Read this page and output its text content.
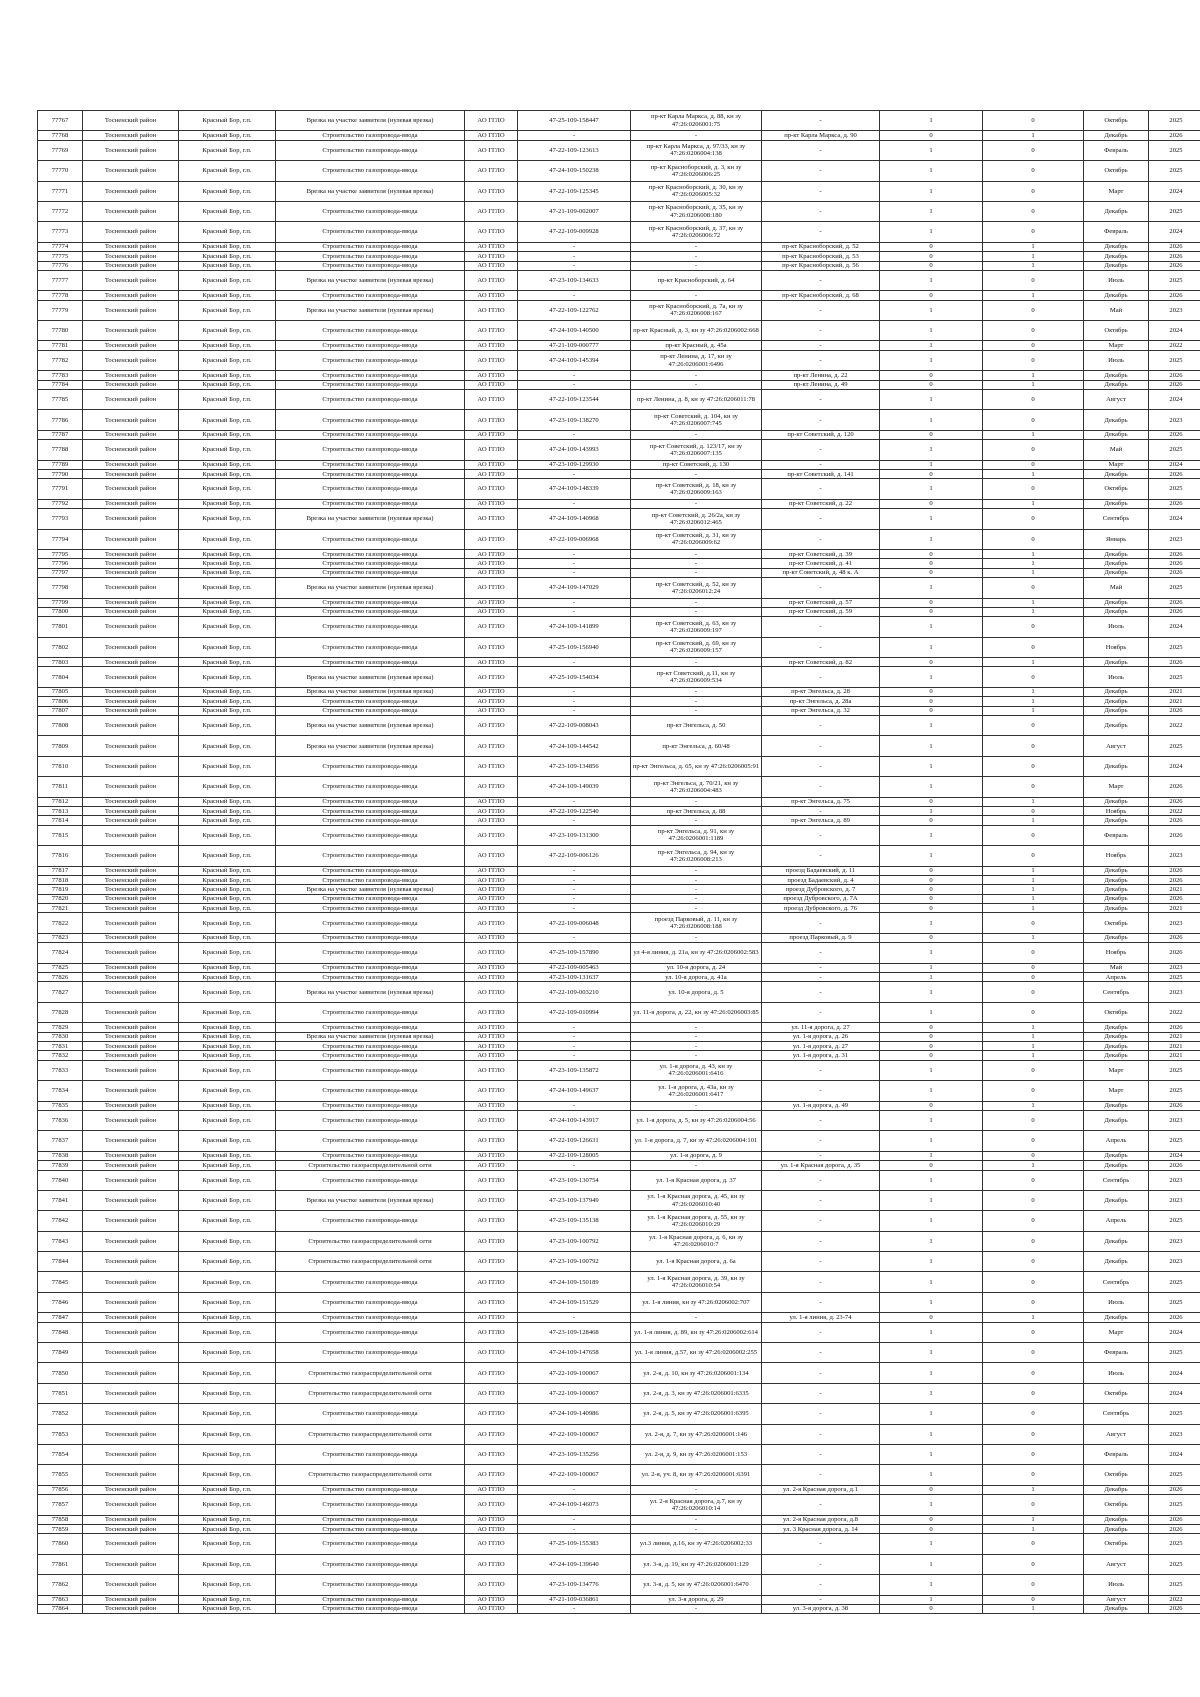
77767	Тосненский район	Красный Бор, г.п.	Врезка на участке заявителя (нулевая врезка)	АО ГГЛО	47-25-109-158447	пр-кт Карла Маркса, д. 88, кн зу 47:26:0206001:75	-	1	0	Октябрь	2025
77768	Тосненский район	Красный Бор, г.п.	Строительство газопровода-ввода	АО ГГЛО	-	-	пр-кт Карла Маркса, д. 90	0	1	Декабрь	2026
77769	Тосненский район	Красный Бор, г.п.	Строительство газопровода-ввода	АО ГГЛО	47-22-109-123613	пр-кт Карла Маркса, д. 97/33, кн зу 47:26:0206004:138	-	1	0	Февраль	2025
77770	Тосненский район	Красный Бор, г.п.	Строительство газопровода-ввода	АО ГГЛО	47-24-109-150238	пр-кт Красноборский, д. 3, кн зу 47:26:0206006:25	-	1	0	Октябрь	2025
77771	Тосненский район	Красный Бор, г.п.	Врезка на участке заявителя (нулевая врезка)	АО ГГЛО	47-22-109-125345	пр-кт Красноборский, д. 30, кн зу 47:26:0206005:32	-	1	0	Март	2024
77772	Тосненский район	Красный Бор, г.п.	Строительство газопровода-ввода	АО ГГЛО	47-21-109-002007	пр-кт Красноборский, д. 35, кн зу 47:26:0206008:180	-	1	0	Декабрь	2025
77773	Тосненский район	Красный Бор, г.п.	Строительство газопровода-ввода	АО ГГЛО	47-22-109-009928	пр-кт Красноборский, д. 37, кн зу 47:26:0206006:72	-	1	0	Февраль	2024
77774	Тосненский район	Красный Бор, г.п.	Строительство газопровода-ввода	АО ГГЛО	-	-	пр-кт Красноборский, д. 52	0	1	Декабрь	2026
77775	Тосненский район	Красный Бор, г.п.	Строительство газопровода-ввода	АО ГГЛО	-	-	пр-кт Красноборский, д. 53	0	1	Декабрь	2026
77776	Тосненский район	Красный Бор, г.п.	Строительство газопровода-ввода	АО ГГЛО	-	-	пр-кт Красноборский, д. 56	0	1	Декабрь	2026
77777	Тосненский район	Красный Бор, г.п.	Врезка на участке заявителя (нулевая врезка)	АО ГГЛО	47-23-109-134633	пр-кт Красноборский, д. 64	-	1	0	Июль	2025
77778	Тосненский район	Красный Бор, г.п.	Строительство газопровода-ввода	АО ГГЛО	-	-	пр-кт Красноборский, д. 68	0	1	Декабрь	2026
77779	Тосненский район	Красный Бор, г.п.	Врезка на участке заявителя (нулевая врезка)	АО ГГЛО	47-22-109-122762	пр-кт Красноборский, д. 7а, кн зу 47:26:0206008:167	-	1	0	Май	2023
77780	Тосненский район	Красный Бор, г.п.	Строительство газопровода-ввода	АО ГГЛО	47-24-109-140500	пр-кт Красный, д. 3, кн зу 47:26:0206002:668	-	1	0	Октябрь	2024
77781	Тосненский район	Красный Бор, г.п.	Строительство газопровода-ввода	АО ГГЛО	47-21-109-000777	пр-кт Красный, д. 45а	-	1	0	Март	2022
77782	Тосненский район	Красный Бор, г.п.	Строительство газопровода-ввода	АО ГГЛО	47-24-109-145394	пр-кт Ленина, д. 17, кн зу 47:26:0206001:6496	-	1	0	Июль	2025
77783	Тосненский район	Красный Бор, г.п.	Строительство газопровода-ввода	АО ГГЛО	-	-	пр-кт Ленина, д. 22	0	1	Декабрь	2026
77784	Тосненский район	Красный Бор, г.п.	Строительство газопровода-ввода	АО ГГЛО	-	-	пр-кт Ленина, д. 49	0	1	Декабрь	2026
77785	Тосненский район	Красный Бор, г.п.	Строительство газопровода-ввода	АО ГГЛО	47-22-109-123544	пр-кт Ленина, д. 8, кн зу 47:26:0206011:78	-	1	0	Август	2024
77786	Тосненский район	Красный Бор, г.п.	Строительство газопровода-ввода	АО ГГЛО	47-23-109-138270	пр-кт Советский, д. 104, кн зу 47:26:0206007:745	-	1	0	Декабрь	2023
77787	Тосненский район	Красный Бор, г.п.	Строительство газопровода-ввода	АО ГГЛО	-	-	пр-кт Советский, д. 120	0	1	Декабрь	2026
77788	Тосненский район	Красный Бор, г.п.	Строительство газопровода-ввода	АО ГГЛО	47-24-109-143993	пр-кт Советский, д. 123/17, кн зу 47:26:0206007:135	-	1	0	Май	2025
77789	Тосненский район	Красный Бор, г.п.	Строительство газопровода-ввода	АО ГГЛО	47-23-109-129930	пр-кт Советский, д. 130	-	1	0	Март	2024
77790	Тосненский район	Красный Бор, г.п.	Строительство газопровода-ввода	АО ГГЛО	-	-	пр-кт Советский, д. 141	0	1	Декабрь	2026
77791	Тосненский район	Красный Бор, г.п.	Строительство газопровода-ввода	АО ГГЛО	47-24-109-148339	пр-кт Советский, д. 18, кн зу 47:26:0206009:163	-	1	0	Октябрь	2025
77792	Тосненский район	Красный Бор, г.п.	Строительство газопровода-ввода	АО ГГЛО	-	-	пр-кт Советский, д. 22	0	1	Декабрь	2026
77793	Тосненский район	Красный Бор, г.п.	Врезка на участке заявителя (нулевая врезка)	АО ГГЛО	47-24-109-140968	пр-кт Советский, д. 26/2а, кн зу 47:26:0206012:465	-	1	0	Сентябрь	2024
77794	Тосненский район	Красный Бор, г.п.	Строительство газопровода-ввода	АО ГГЛО	47-22-109-006968	пр-кт Советский, д. 31, кн зу 47:26:0206009:62	-	1	0	Январь	2023
77795	Тосненский район	Красный Бор, г.п.	Строительство газопровода-ввода	АО ГГЛО	-	-	пр-кт Советский, д. 39	0	1	Декабрь	2026
77796	Тосненский район	Красный Бор, г.п.	Строительство газопровода-ввода	АО ГГЛО	-	-	пр-кт Советский, д. 41	0	1	Декабрь	2026
77797	Тосненский район	Красный Бор, г.п.	Строительство газопровода-ввода	АО ГГЛО	-	-	пр-кт Советский, д. 48 к. А	0	1	Декабрь	2026
77798	Тосненский район	Красный Бор, г.п.	Врезка на участке заявителя (нулевая врезка)	АО ГГЛО	47-24-109-147029	пр-кт Советский, д. 52, кн зу 47:26:0206012:24	-	1	0	Май	2025
77799	Тосненский район	Красный Бор, г.п.	Строительство газопровода-ввода	АО ГГЛО	-	-	пр-кт Советский, д. 57	0	1	Декабрь	2026
77800	Тосненский район	Красный Бор, г.п.	Строительство газопровода-ввода	АО ГГЛО	-	-	пр-кт Советский, д. 59	0	1	Декабрь	2026
77801	Тосненский район	Красный Бор, г.п.	Строительство газопровода-ввода	АО ГГЛО	47-24-109-141899	пр-кт Советский, д. 63, кн зу 47:26:0206009:197	-	1	0	Июль	2024
77802	Тосненский район	Красный Бор, г.п.	Строительство газопровода-ввода	АО ГГЛО	47-25-109-156940	пр-кт Советский, д. 69, кн зу 47:26:0206009:157	-	1	0	Ноябрь	2025
77803	Тосненский район	Красный Бор, г.п.	Строительство газопровода-ввода	АО ГГЛО	-	-	пр-кт Советский, д. 82	0	1	Декабрь	2026
77804	Тосненский район	Красный Бор, г.п.	Врезка на участке заявителя (нулевая врезка)	АО ГГЛО	47-25-109-154034	пр-кт Советский, д.11, кн зу 47:26:0206009:534	-	1	0	Июль	2025
77805	Тосненский район	Красный Бор, г.п.	Врезка на участке заявителя (нулевая врезка)	АО ГГЛО	-	-	пр-кт Энгельса, д. 28	0	1	Декабрь	2021
77806	Тосненский район	Красный Бор, г.п.	Строительство газопровода-ввода	АО ГГЛО	-	-	пр-кт Энгельса, д. 28а	0	1	Декабрь	2021
77807	Тосненский район	Красный Бор, г.п.	Строительство газопровода-ввода	АО ГГЛО	-	-	пр-кт Энгельса, д. 32	0	1	Декабрь	2026
77808	Тосненский район	Красный Бор, г.п.	Врезка на участке заявителя (нулевая врезка)	АО ГГЛО	47-22-109-008043	пр-кт Энгельса, д. 50	-	1	0	Декабрь	2022
77809	Тосненский район	Красный Бор, г.п.	Врезка на участке заявителя (нулевая врезка)	АО ГГЛО	47-24-109-144542	пр-кт Энгельса, д. 60/48	-	1	0	Август	2025
77810	Тосненский район	Красный Бор, г.п.	Строительство газопровода-ввода	АО ГГЛО	47-23-109-134856	пр-кт Энгельса, д. 65, кн зу 47:26:0206005:91	-	1	0	Декабрь	2024
77811	Тосненский район	Красный Бор, г.п.	Строительство газопровода-ввода	АО ГГЛО	47-24-109-149039	пр-кт Энгельса, д. 70/21, кн зу 47:26:0206004:483	-	1	0	Март	2026
77812	Тосненский район	Красный Бор, г.п.	Строительство газопровода-ввода	АО ГГЛО	-	-	пр-кт Энгельса, д. 75	0	1	Декабрь	2026
77813	Тосненский район	Красный Бор, г.п.	Строительство газопровода-ввода	АО ГГЛО	47-22-109-122540	пр-кт Энгельса, д. 88	-	1	0	Ноябрь	2022
77814	Тосненский район	Красный Бор, г.п.	Строительство газопровода-ввода	АО ГГЛО	-	-	пр-кт Энгельса, д. 89	0	1	Декабрь	2026
77815	Тосненский район	Красный Бор, г.п.	Строительство газопровода-ввода	АО ГГЛО	47-23-109-131300	пр-кт Энгельса, д. 91, кн зу 47:26:0206001:1189	-	1	0	Февраль	2026
77816	Тосненский район	Красный Бор, г.п.	Строительство газопровода-ввода	АО ГГЛО	47-22-109-006126	пр-кт Энгельса, д. 94, кн зу 47:26:0206008:213	-	1	0	Ноябрь	2023
77817	Тосненский район	Красный Бор, г.п.	Строительство газопровода-ввода	АО ГГЛО	-	-	проезд Бадаевский, д. 11	0	1	Декабрь	2026
77818	Тосненский район	Красный Бор, г.п.	Строительство газопровода-ввода	АО ГГЛО	-	-	проезд Бадаевский, д. 4	0	1	Декабрь	2026
77819	Тосненский район	Красный Бор, г.п.	Врезка на участке заявителя (нулевая врезка)	АО ГГЛО	-	-	проезд Дубровского, д. 7	0	1	Декабрь	2021
77820	Тосненский район	Красный Бор, г.п.	Строительство газопровода-ввода	АО ГГЛО	-	-	проезд Дубровского, д. 7А	0	1	Декабрь	2026
77821	Тосненский район	Красный Бор, г.п.	Строительство газопровода-ввода	АО ГГЛО	-	-	проезд Дубровского, д. 76	0	1	Декабрь	2021
77822	Тосненский район	Красный Бор, г.п.	Строительство газопровода-ввода	АО ГГЛО	47-22-109-006048	проезд Парковый, д. 11, кн зу 47:26:0206008:188	-	1	0	Октябрь	2023
77823	Тосненский район	Красный Бор, г.п.	Строительство газопровода-ввода	АО ГГЛО	-	-	проезд Парковый, д. 9	0	1	Декабрь	2026
77824	Тосненский район	Красный Бор, г.п.	Строительство газопровода-ввода	АО ГГЛО	47-25-109-157890	ул 4-я линия, д. 21а, кн зу 47:26:0206002:583	-	1	0	Ноябрь	2026
77825	Тосненский район	Красный Бор, г.п.	Строительство газопровода-ввода	АО ГГЛО	47-22-109-005463	ул. 10-я дорога, д. 24	-	1	0	Май	2023
77826	Тосненский район	Красный Бор, г.п.	Строительство газопровода-ввода	АО ГГЛО	47-23-109-131637	ул. 10-я дорога, д. 41а	-	1	0	Апрель	2025
77827	Тосненский район	Красный Бор, г.п.	Врезка на участке заявителя (нулевая врезка)	АО ГГЛО	47-22-109-003210	ул. 10-я дорога, д. 5	-	1	0	Сентябрь	2023
77828	Тосненский район	Красный Бор, г.п.	Строительство газопровода-ввода	АО ГГЛО	47-22-109-010994	ул. 11-я дорога, д. 22, кн зу 47:26:0206003:85	-	1	0	Октябрь	2022
77829	Тосненский район	Красный Бор, г.п.	Строительство газопровода-ввода	АО ГГЛО	-	-	ул. 11-я дорога, д. 27	0	1	Декабрь	2026
77830	Тосненский район	Красный Бор, г.п.	Врезка на участке заявителя (нулевая врезка)	АО ГГЛО	-	-	ул. 1-я дорога, д. 26	0	1	Декабрь	2021
77831	Тосненский район	Красный Бор, г.п.	Строительство газопровода-ввода	АО ГГЛО	-	-	ул. 1-я дорога, д. 27	0	1	Декабрь	2021
77832	Тосненский район	Красный Бор, г.п.	Строительство газопровода-ввода	АО ГГЛО	-	-	ул. 1-я дорога, д. 31	0	1	Декабрь	2021
77833	Тосненский район	Красный Бор, г.п.	Строительство газопровода-ввода	АО ГГЛО	47-23-109-135872	ул. 1-я дорога, д. 43, кн зу 47:26:0206001:6416	-	1	0	Март	2025
77834	Тосненский район	Красный Бор, г.п.	Строительство газопровода-ввода	АО ГГЛО	47-24-109-149637	ул. 1-я дорога, д. 43а, кн зу 47:26:0206001:6417	-	1	0	Март	2025
77835	Тосненский район	Красный Бор, г.п.	Строительство газопровода-ввода	АО ГГЛО	-	-	ул. 1-я дорога, д. 49	0	1	Декабрь	2026
77836	Тосненский район	Красный Бор, г.п.	Строительство газопровода-ввода	АО ГГЛО	47-24-109-143917	ул. 1-я дорога, д. 5, кн зу 47:26:0206004:56	-	1	0	Декабрь	2023
77837	Тосненский район	Красный Бор, г.п.	Строительство газопровода-ввода	АО ГГЛО	47-22-109-126631	ул. 1-я дорога, д. 7, кн зу 47:26:0206004:101	-	1	0	Апрель	2025
77838	Тосненский район	Красный Бор, г.п.	Строительство газопровода-ввода	АО ГГЛО	47-22-109-128005	ул. 1-я дорога, д. 9	-	1	0	Декабрь	2024
77839	Тосненский район	Красный Бор, г.п.	Строительство газораспределительной сети	АО ГГЛО	-	-	ул. 1-я Красная дорога, д. 35	0	1	Декабрь	2026
77840	Тосненский район	Красный Бор, г.п.	Строительство газопровода-ввода	АО ГГЛО	47-23-109-130754	ул. 1-я Красная дорога, д. 37	-	1	0	Сентябрь	2023
77841	Тосненский район	Красный Бор, г.п.	Врезка на участке заявителя (нулевая врезка)	АО ГГЛО	47-23-109-137949	ул. 1-я Красная дорога, д. 45, кн зу 47:26:0206010:40	-	1	0	Декабрь	2023
77842	Тосненский район	Красный Бор, г.п.	Строительство газопровода-ввода	АО ГГЛО	47-23-109-135138	ул. 1-я Красная дорога, д. 55, кн зу 47:26:0206010:29	-	1	0	Апрель	2025
77843	Тосненский район	Красный Бор, г.п.	Строительство газораспределительной сети	АО ГГЛО	47-23-109-100792	ул. 1-я Красная дорога, д. 6, кн зу 47:26:0206010:7	-	1	0	Декабрь	2023
77844	Тосненский район	Красный Бор, г.п.	Строительство газораспределительной сети	АО ГГЛО	47-23-109-100792	ул. 1-я Красная дорога, д. 6а	-	1	0	Декабрь	2023
77845	Тосненский район	Красный Бор, г.п.	Строительство газопровода-ввода	АО ГГЛО	47-24-109-150189	ул. 1-я Красная дорога, д. 39, кн зу 47:26:0206010:54	-	1	0	Сентябрь	2025
77846	Тосненский район	Красный Бор, г.п.	Строительство газопровода-ввода	АО ГГЛО	47-24-109-151529	ул. 1-я линия, кн зу 47:26:0206002:707	-	1	0	Июль	2025
77847	Тосненский район	Красный Бор, г.п.	Строительство газопровода-ввода	АО ГГЛО	-	-	ул. 1-я линия, д. 23-74	0	1	Декабрь	2026
77848	Тосненский район	Красный Бор, г.п.	Строительство газопровода-ввода	АО ГГЛО	47-23-109-128468	ул. 1-я линия, д. 89, кн зу 47:26:0206002:614	-	1	0	Март	2024
77849	Тосненский район	Красный Бор, г.п.	Строительство газопровода-ввода	АО ГГЛО	47-24-109-147658	ул. 1-я линия, д.57, кн зу 47:26:0206002:255	-	1	0	Февраль	2025
77850	Тосненский район	Красный Бор, г.п.	Строительство газораспределительной сети	АО ГГЛО	47-22-109-100067	ул. 2-я, д. 10, кн зу 47:26:0206001:134	-	1	0	Июль	2024
77851	Тосненский район	Красный Бор, г.п.	Строительство газораспределительной сети	АО ГГЛО	47-22-109-100067	ул. 2-я, д. 3, кн зу 47:26:0206001:6335	-	1	0	Октябрь	2024
77852	Тосненский район	Красный Бор, г.п.	Строительство газопровода-ввода	АО ГГЛО	47-24-109-140986	ул. 2-я, д. 5, кн зу 47:26:0206001:6395	-	1	0	Сентябрь	2025
77853	Тосненский район	Красный Бор, г.п.	Строительство газораспределительной сети	АО ГГЛО	47-22-109-100067	ул. 2-я, д. 7, кн зу 47:26:0206001:146	-	1	0	Август	2023
77854	Тосненский район	Красный Бор, г.п.	Строительство газопровода-ввода	АО ГГЛО	47-23-109-135256	ул. 2-я, д. 9, кн зу 47:26:0206001:153	-	1	0	Февраль	2024
77855	Тосненский район	Красный Бор, г.п.	Строительство газораспределительной сети	АО ГГЛО	47-22-109-100067	ул. 2-я, уч. 8, кн зу 47:26:0206001:6391	-	1	0	Октябрь	2025
77856	Тосненский район	Красный Бор, г.п.	Строительство газопровода-ввода	АО ГГЛО	-	-	ул. 2-я Красная дорога, д.1	0	1	Декабрь	2026
77857	Тосненский район	Красный Бор, г.п.	Строительство газопровода-ввода	АО ГГЛО	47-24-109-146073	ул. 2-я Красная дорога, д.7, кн зу 47:26:0206010:14	-	1	0	Октябрь	2025
77858	Тосненский район	Красный Бор, г.п.	Строительство газопровода-ввода	АО ГГЛО	-	-	ул. 2-я Красная дорога, д.8	0	1	Декабрь	2026
77859	Тосненский район	Красный Бор, г.п.	Строительство газопровода-ввода	АО ГГЛО	-	-	ул. 3 Красная дорога, д. 14	0	1	Декабрь	2026
77860	Тосненский район	Красный Бор, г.п.	Строительство газопровода-ввода	АО ГГЛО	47-25-109-155383	ул.3 линия, д.16, кн зу 47:26:0206002:33	-	1	0	Октябрь	2025
77861	Тосненский район	Красный Бор, г.п.	Строительство газопровода-ввода	АО ГГЛО	47-24-109-139640	ул. 3-я, д. 19, кн зу 47:26:0206001:129	-	1	0	Август	2025
77862	Тосненский район	Красный Бор, г.п.	Строительство газопровода-ввода	АО ГГЛО	47-23-109-134776	ул. 3-я, д. 5, кн зу 47:26:0206001:6470	-	1	0	Июль	2025
77863	Тосненский район	Красный Бор, г.п.	Строительство газопровода-ввода	АО ГГЛО	47-21-109-036861	ул. 3-я дорога, д. 29	-	1	0	Август	2022
77864	Тосненский район	Красный Бор, г.п.	Строительство газопровода-ввода	АО ГГЛО	-	-	ул. 3-я дорога, д. 38	0	1	Декабрь	2026
